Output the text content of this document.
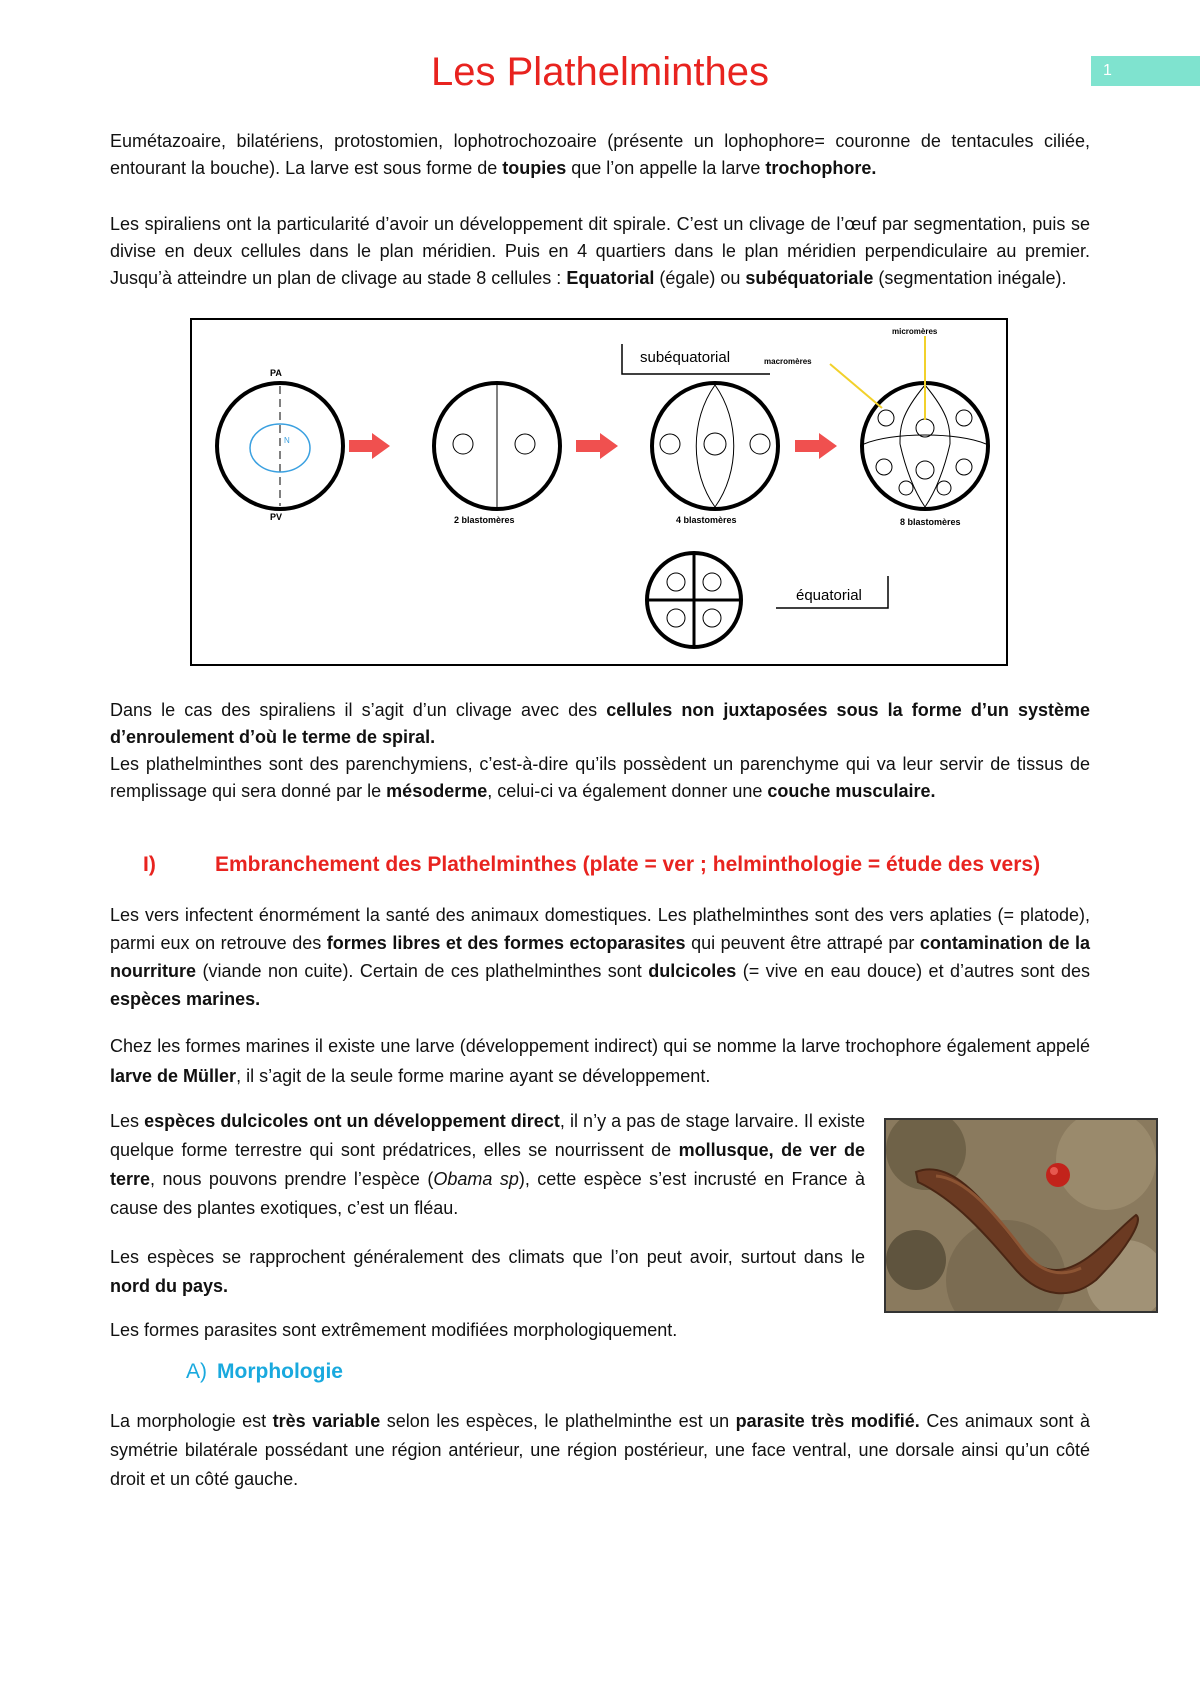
Les Plathelminthes	1
Eumétazoaire, bilatériens, protostomien, lophotrochozoaire (présente un lophophore= couronne de tentacules ciliée, entourant la bouche). La larve est sous forme de toupies que l’on appelle la larve trochophore.
Les spiraliens ont la particularité d’avoir un développement dit spirale. C’est un clivage de l’œuf par segmentation, puis se divise en deux cellules dans le plan méridien. Puis en 4 quartiers dans le plan méridien perpendiculaire au premier. Jusqu’à atteindre un plan de clivage au stade 8 cellules : Equatorial (égale) ou subéquatoriale (segmentation inégale).
PA
PV
N
2 blastomères	4 blastomères
micromères
macromères
8 blastomères
subéquatorial
équatorial
Dans le cas des spiraliens il s’agit d’un clivage avec des cellules non juxtaposées sous la forme d’un système d’enroulement d’où le terme de spiral.
Les plathelminthes sont des parenchymiens, c’est-à-dire qu’ils possèdent un parenchyme qui va leur servir de tissus de remplissage qui sera donné par le mésoderme, celui-ci va également donner une couche musculaire.
I)	Embranchement des Plathelminthes (plate = ver ; helminthologie = étude des vers)
Les vers infectent énormément la santé des animaux domestiques. Les plathelminthes sont des vers aplaties (= platode), parmi eux on retrouve des formes libres et des formes ectoparasites qui peuvent être attrapé par contamination de la nourriture (viande non cuite). Certain de ces plathelminthes sont dulcicoles (= vive en eau douce) et d’autres sont des espèces marines.
Chez les formes marines il existe une larve (développement indirect) qui se nomme la larve trochophore également appelé larve de Müller, il s’agit de la seule forme marine ayant se développement.
Les espèces dulcicoles ont un développement direct, il n’y a pas de stage larvaire. Il existe quelque forme terrestre qui sont prédatrices, elles se nourrissent de mollusque, de ver de terre, nous pouvons prendre l’espèce (Obama sp), cette espèce s’est incrusté en France à cause des plantes exotiques, c’est un fléau.
Les espèces se rapprochent généralement des climats que l’on peut avoir, surtout dans le nord du pays.
Les formes parasites sont extrêmement modifiées morphologiquement.
A) Morphologie
La morphologie est très variable selon les espèces, le plathelminthe est un parasite très modifié. Ces animaux sont à symétrie bilatérale possédant une région antérieur, une région postérieur, une face ventral, une dorsale ainsi qu’un côté droit et un côté gauche.
